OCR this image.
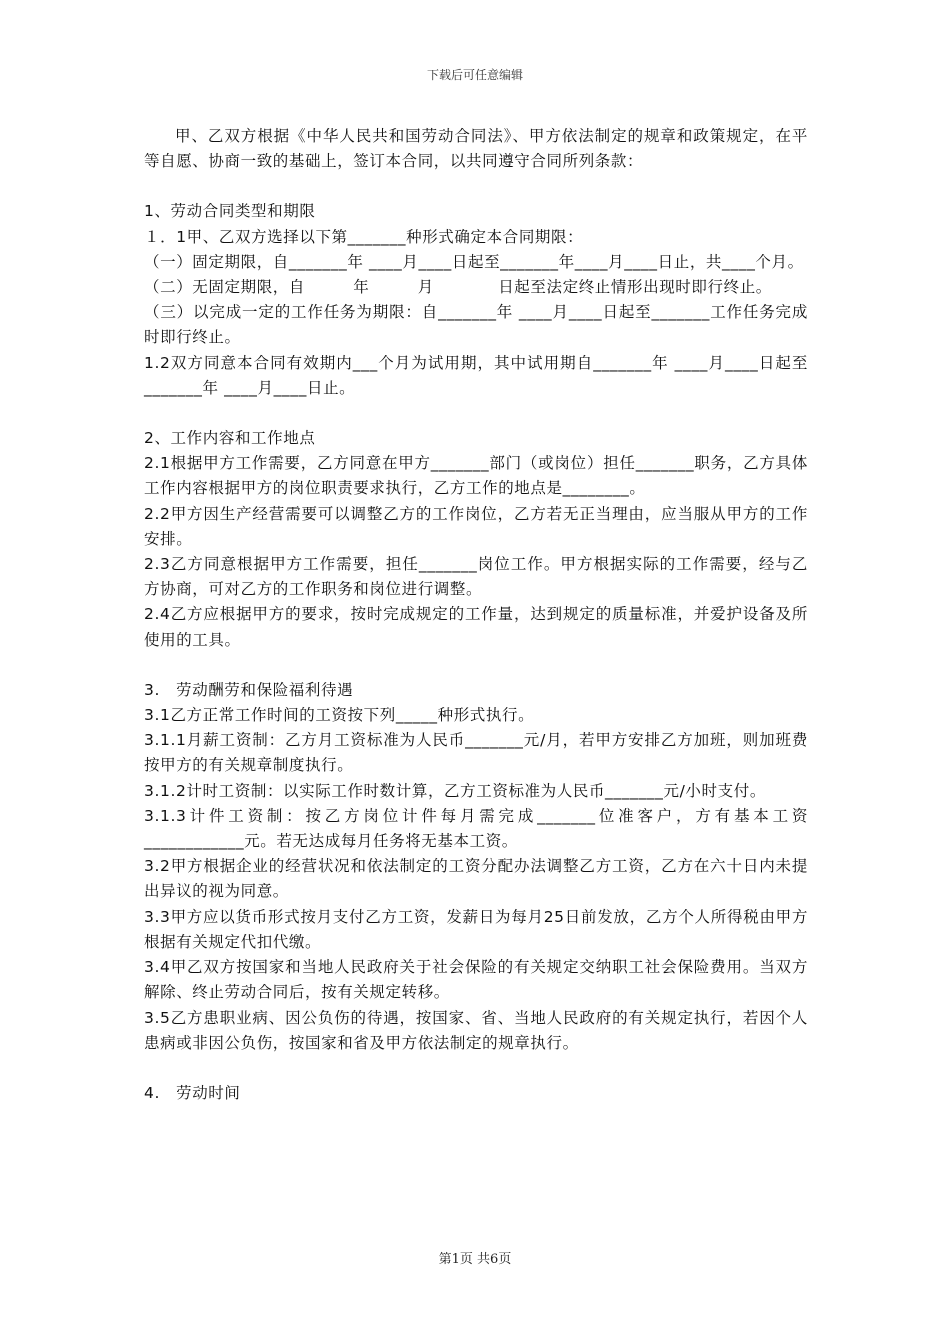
下载后可任意编辑

甲、乙双方根据《中华人民共和国劳动合同法》、甲方依法制定的规章和政策规定，在平等自愿、协商一致的基础上，签订本合同，以共同遵守合同所列条款：

1、劳动合同类型和期限

１．1甲、乙双方选择以下第_______种形式确定本合同期限：

（一）固定期限，自_______年 ____月____日起至_______年____月____日止，共____个月。

（二）无固定期限，自　　　年　　　月　　　　日起至法定终止情形出现时即行终止。

（三）以完成一定的工作任务为期限：自_______年 ____月____日起至_______工作任务完成时即行终止。

1.2双方同意本合同有效期内___个月为试用期，其中试用期自_______年 ____月____日起至_______年 ____月____日止。

2、工作内容和工作地点

2.1根据甲方工作需要，乙方同意在甲方_______部门（或岗位）担任_______职务，乙方具体工作内容根据甲方的岗位职责要求执行，乙方工作的地点是________。

2.2甲方因生产经营需要可以调整乙方的工作岗位，乙方若无正当理由，应当服从甲方的工作安排。

2.3乙方同意根据甲方工作需要，担任_______岗位工作。甲方根据实际的工作需要，经与乙方协商，可对乙方的工作职务和岗位进行调整。

2.4乙方应根据甲方的要求，按时完成规定的工作量，达到规定的质量标准，并爱护设备及所使用的工具。

3.　劳动酬劳和保险福利待遇

3.1乙方正常工作时间的工资按下列_____种形式执行。

3.1.1月薪工资制：乙方月工资标准为人民币_______元/月，若甲方安排乙方加班，则加班费按甲方的有关规章制度执行。

3.1.2计时工资制：以实际工作时数计算，乙方工资标准为人民币_______元/小时支付。

3.1.3计件工资制：按乙方岗位计件每月需完成_______位准客户，方有基本工资____________元。若无达成每月任务将无基本工资。

3.2甲方根据企业的经营状况和依法制定的工资分配办法调整乙方工资，乙方在六十日内未提出异议的视为同意。

3.3甲方应以货币形式按月支付乙方工资，发薪日为每月25日前发放，乙方个人所得税由甲方根据有关规定代扣代缴。

3.4甲乙双方按国家和当地人民政府关于社会保险的有关规定交纳职工社会保险费用。当双方解除、终止劳动合同后，按有关规定转移。

3.5乙方患职业病、因公负伤的待遇，按国家、省、当地人民政府的有关规定执行，若因个人患病或非因公负伤，按国家和省及甲方依法制定的规章执行。

4.　劳动时间

第1页 共6页
